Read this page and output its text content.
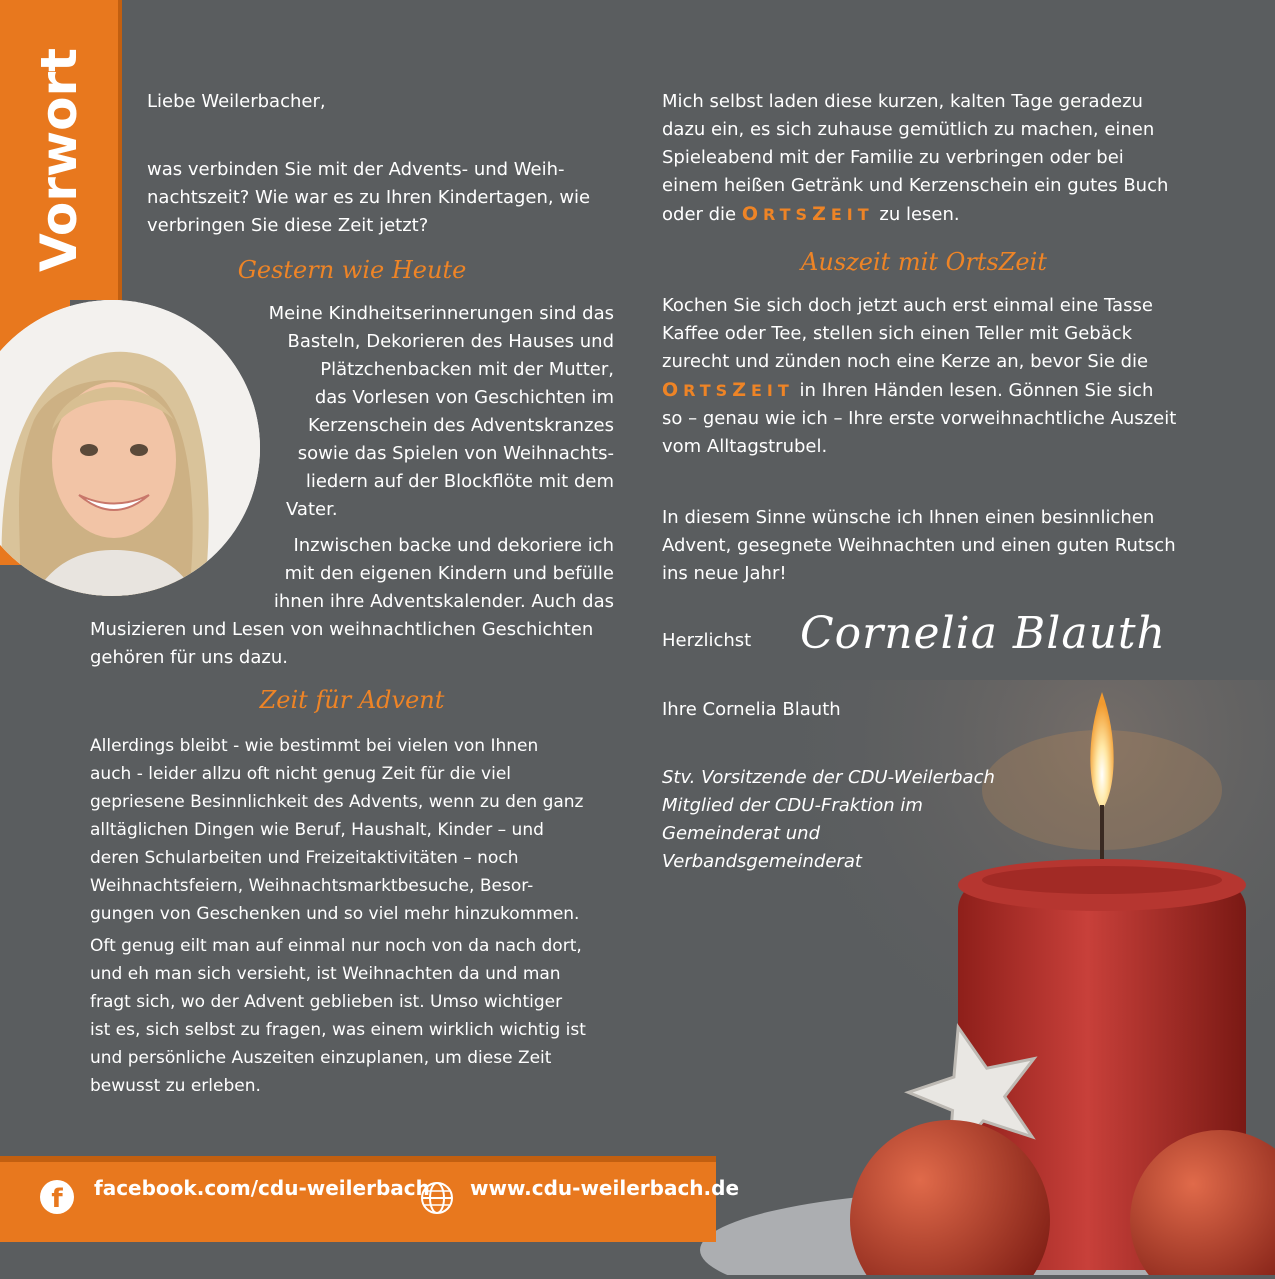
Vorwort	Liebe Weilerbacher,

was verbinden Sie mit der Advents- und Weih-
nachtszeit? Wie war es zu Ihren Kindertagen, wie
verbringen Sie diese Zeit jetzt?

Gestern wie Heute

Meine Kindheitserinnerungen sind das
Basteln, Dekorieren des Hauses und
Plätzchenbacken mit der Mutter,
das Vorlesen von Geschichten im
Kerzenschein des Adventskranzes
sowie das Spielen von Weihnachts-
liedern auf der Blockflöte mit dem
Vater.
Inzwischen backe und dekoriere ich
mit den eigenen Kindern und befülle
ihnen ihre Adventskalender. Auch das
Musizieren und Lesen von weihnachtlichen Geschichten
gehören für uns dazu.

Zeit für Advent

Allerdings bleibt - wie bestimmt bei vielen von Ihnen
auch - leider allzu oft nicht genug Zeit für die viel
gepriesene Besinnlichkeit des Advents, wenn zu den ganz
alltäglichen Dingen wie Beruf, Haushalt, Kinder – und
deren Schularbeiten und Freizeitaktivitäten – noch
Weihnachtsfeiern, Weihnachtsmarktbesuche, Besor-
gungen von Geschenken und so viel mehr hinzukommen.
Oft genug eilt man auf einmal nur noch von da nach dort,
und eh man sich versieht, ist Weihnachten da und man
fragt sich, wo der Advent geblieben ist. Umso wichtiger
ist es, sich selbst zu fragen, was einem wirklich wichtig ist
und persönliche Auszeiten einzuplanen, um diese Zeit
bewusst zu erleben.
Mich selbst laden diese kurzen, kalten Tage geradezu
dazu ein, es sich zuhause gemütlich zu machen, einen
Spieleabend mit der Familie zu verbringen oder bei
einem heißen Getränk und Kerzenschein ein gutes Buch
oder die ORTSZEIT zu lesen.

Auszeit mit OrtsZeit

Kochen Sie sich doch jetzt auch erst einmal eine Tasse
Kaffee oder Tee, stellen sich einen Teller mit Gebäck
zurecht und zünden noch eine Kerze an, bevor Sie die
ORTSZEIT in Ihren Händen lesen. Gönnen Sie sich
so – genau wie ich – Ihre erste vorweihnachtliche Auszeit
vom Alltagstrubel.
In diesem Sinne wünsche ich Ihnen einen besinnlichen
Advent, gesegnete Weihnachten und einen guten Rutsch
ins neue Jahr!

Herzlichst	Cornelia Blauth

Ihre Cornelia Blauth

Stv. Vorsitzende der CDU-Weilerbach
Mitglied der CDU-Fraktion im
Gemeinderat und
Verbandsgemeinderat
f	facebook.com/cdu-weilerbach www.cdu-weilerbach.de
